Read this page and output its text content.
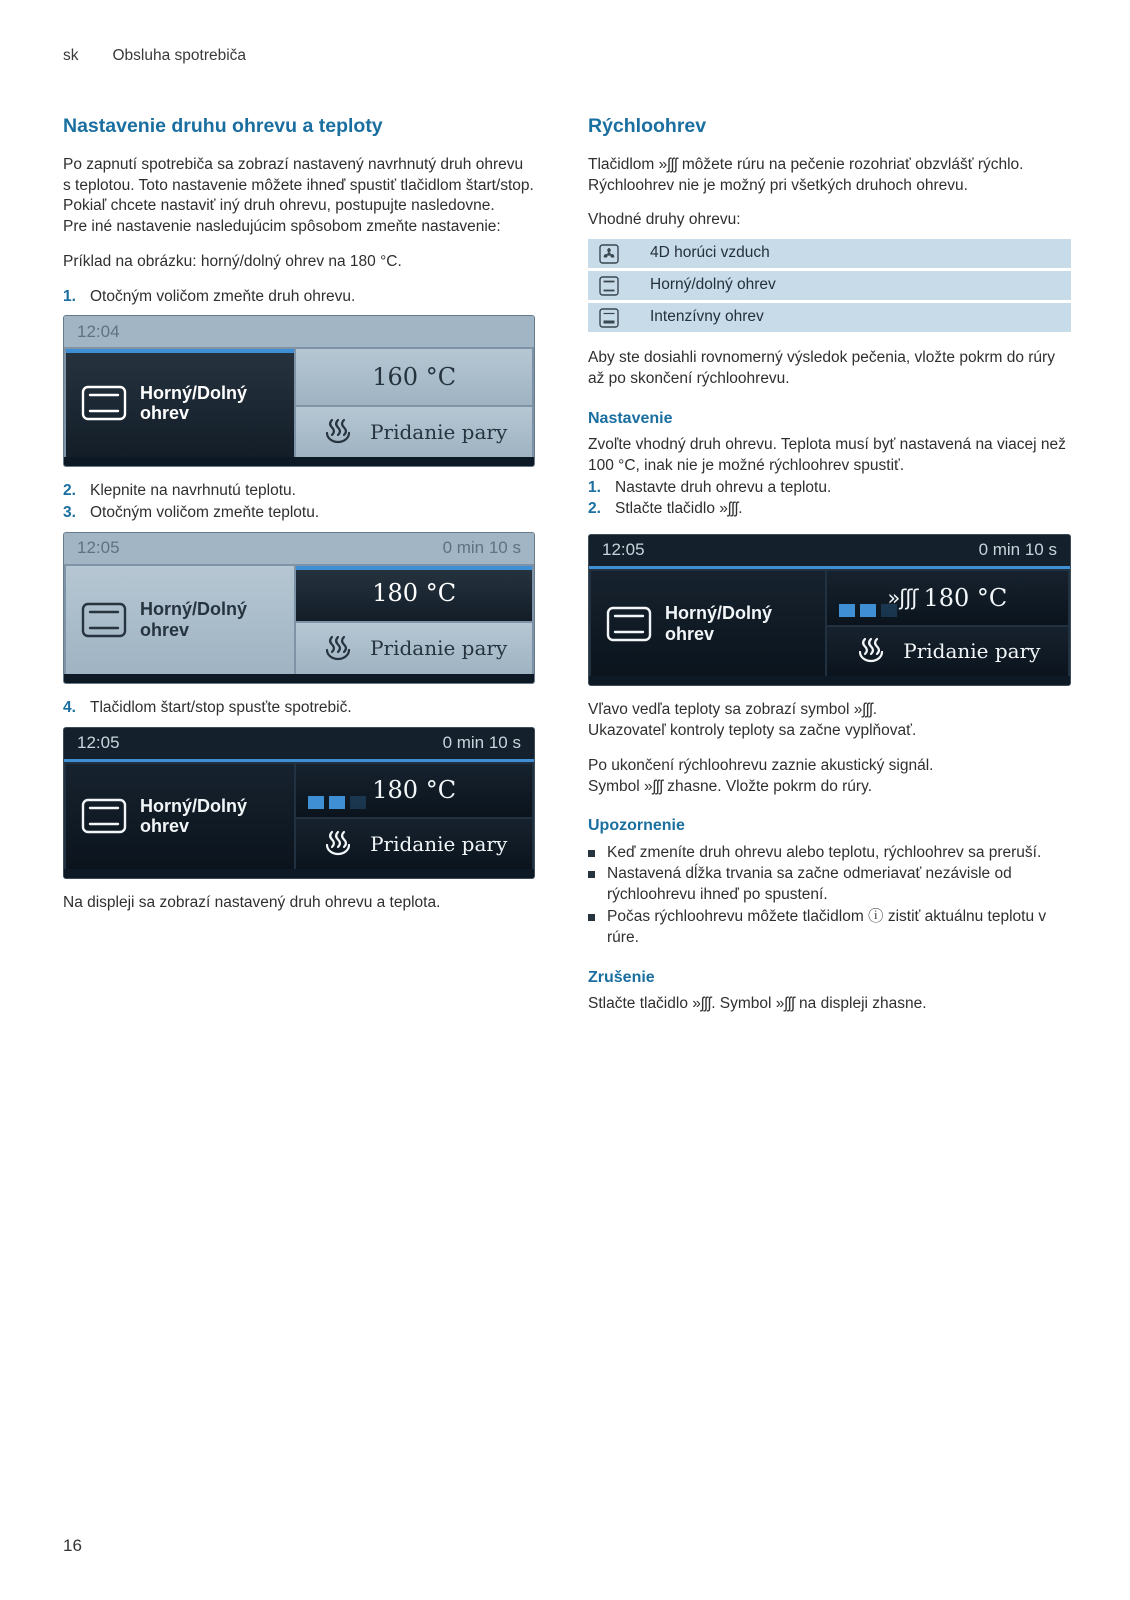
sk Obsluha spotrebiča
Nastavenie druhu ohrevu a teploty

Po zapnutí spotrebiča sa zobrazí nastavený navrhnutý druh ohrevu s teplotou. Toto nastavenie môžete ihneď spustiť tlačidlom štart/stop. Pokiaľ chcete nastaviť iný druh ohrevu, postupujte nasledovne.

Pre iné nastavenie nasledujúcim spôsobom zmeňte nastavenie:

Príklad na obrázku: horný/dolný ohrev na 180 °C.

1. Otočným voličom zmeňte druh ohrevu.
12:04
Horný/Dolný ohrev
160 °C
Pridanie pary
2. Klepnite na navrhnutú teplotu.
3. Otočným voličom zmeňte teplotu.
12:05	0 min 10 s
Horný/Dolný ohrev
180 °C
Pridanie pary
4. Tlačidlom štart/stop spusťte spotrebič.
12:05	0 min 10 s
Horný/Dolný ohrev
180 °C
Pridanie pary

Na displeji sa zobrazí nastavený druh ohrevu a teplota.

Rýchloohrev

Tlačidlom »ʃʃʃ môžete rúru na pečenie rozohriať obzvlášť rýchlo.

Rýchloohrev nie je možný pri všetkých druhoch ohrevu.

Vhodné druhy ohrevu:

4D horúci vzduch
Horný/dolný ohrev
Intenzívny ohrev

Aby ste dosiahli rovnomerný výsledok pečenia, vložte pokrm do rúry až po skončení rýchloohrevu.

Nastavenie

Zvoľte vhodný druh ohrevu. Teplota musí byť nastavená na viacej než 100 °C, inak nie je možné rýchloohrev spustiť.

1. Nastavte druh ohrevu a teplotu.
2. Stlačte tlačidlo »ʃʃʃ.
12:05	0 min 10 s
Horný/Dolný ohrev
»ʃʃʃ 180 °C
Pridanie pary

Vľavo vedľa teploty sa zobrazí symbol »ʃʃʃ.

Ukazovateľ kontroly teploty sa začne vyplňovať.

Po ukončení rýchloohrevu zaznie akustický signál.

Symbol »ʃʃʃ zhasne. Vložte pokrm do rúry.

Upozornenie
Keď zmeníte druh ohrevu alebo teplotu, rýchloohrev sa preruší.
Nastavená dĺžka trvania sa začne odmeriavať nezávisle od rýchloohrevu ihneď po spustení.
Počas rýchloohrevu môžete tlačidlom ⓘ zistiť aktuálnu teplotu v rúre.
Zrušenie

Stlačte tlačidlo »ʃʃʃ. Symbol »ʃʃʃ na displeji zhasne.

16
